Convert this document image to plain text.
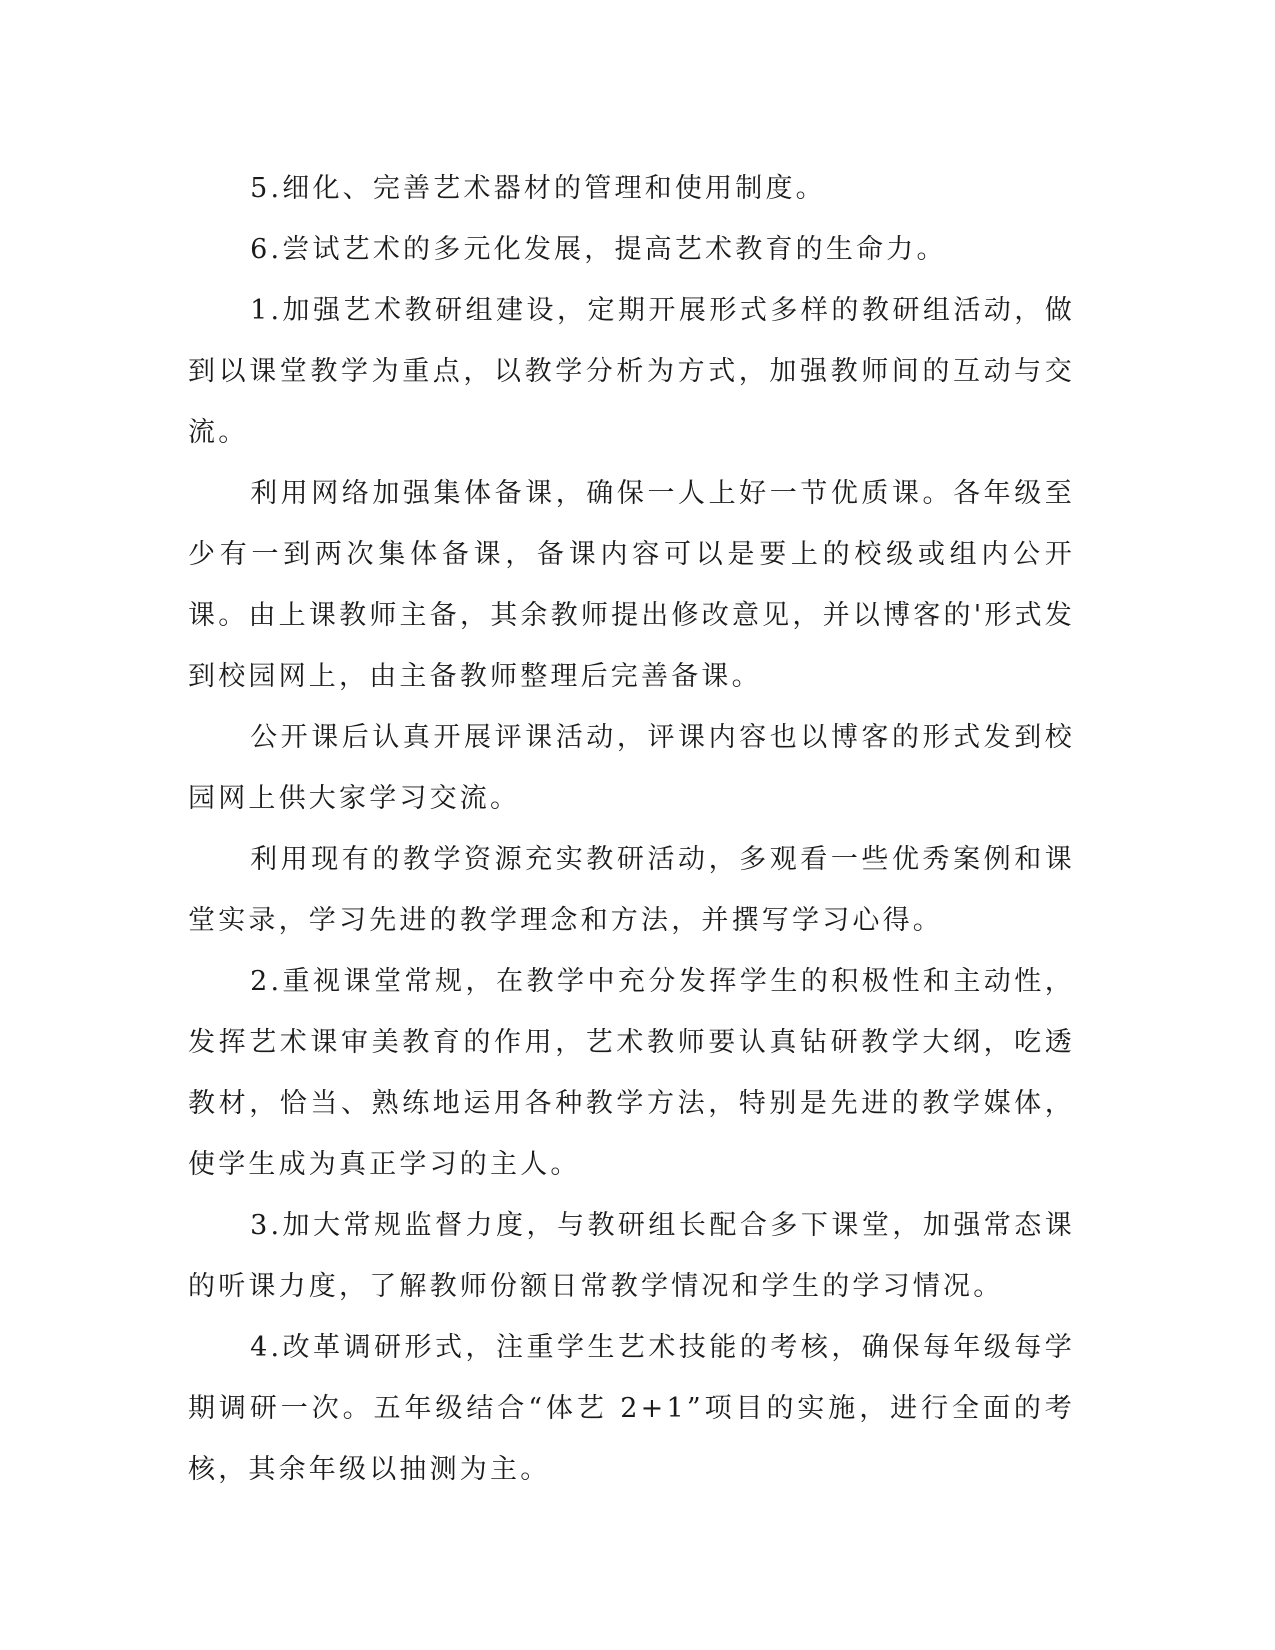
5.细化、完善艺术器材的管理和使用制度。

6.尝试艺术的多元化发展，提高艺术教育的生命力。

1.加强艺术教研组建设，定期开展形式多样的教研组活动，做到以课堂教学为重点，以教学分析为方式，加强教师间的互动与交流。

利用网络加强集体备课，确保一人上好一节优质课。各年级至少有一到两次集体备课，备课内容可以是要上的校级或组内公开课。由上课教师主备，其余教师提出修改意见，并以博客的'形式发到校园网上，由主备教师整理后完善备课。

公开课后认真开展评课活动，评课内容也以博客的形式发到校园网上供大家学习交流。

利用现有的教学资源充实教研活动，多观看一些优秀案例和课堂实录，学习先进的教学理念和方法，并撰写学习心得。

2.重视课堂常规，在教学中充分发挥学生的积极性和主动性，发挥艺术课审美教育的作用，艺术教师要认真钻研教学大纲，吃透教材，恰当、熟练地运用各种教学方法，特别是先进的教学媒体，使学生成为真正学习的主人。

3.加大常规监督力度，与教研组长配合多下课堂，加强常态课的听课力度，了解教师份额日常教学情况和学生的学习情况。

4.改革调研形式，注重学生艺术技能的考核，确保每年级每学期调研一次。五年级结合“体艺 2+1”项目的实施，进行全面的考核，其余年级以抽测为主。
